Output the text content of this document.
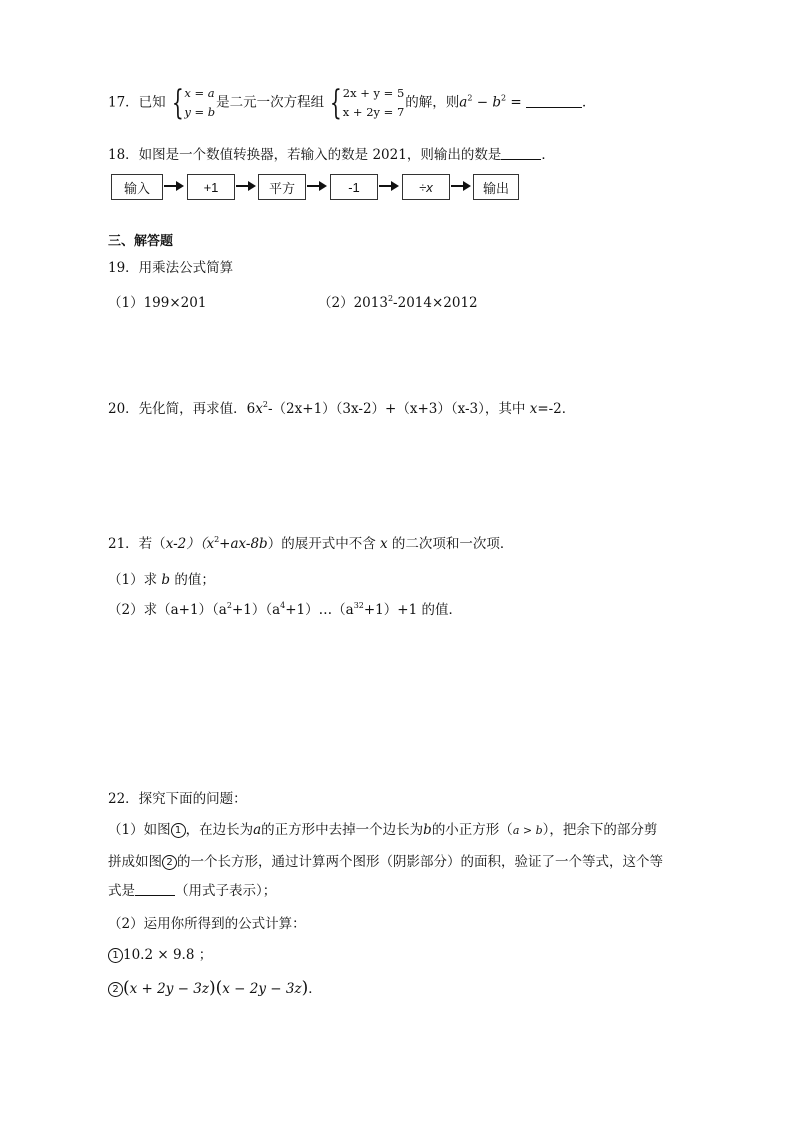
17．已知 { x = a
y = b
是二元一次方程组 { 2x + y = 5
x + 2y = 7
的解，则$a^2 - b^2$ =	．
18．如图是一个数值转换器，若输入的数是 2021，则输出的数是	．
输入	+1	平方	-1	÷x	输出
三、解答题
19．用乘法公式简算
（1）199×201	$(2)2013^2-2014\times 2012$
20．先化简，再求值．$6x^2-(2x+1)(3x-2)+(x+3)(x-3)$，其中 x=-2．
21．若$(x-2)(x^2+ax-8b)$的展开式中不含 x 的二次项和一次项．
（1）求 b 的值；
（2）求$(a+1)(a^2+1)(a^4+1)\dots(a^{32}+1)+1$ 的值．
22．探究下面的问题：
（1）如图 1 ，在边长为a的正方形中去掉一个边长为b的小正方形（a > b），把余下的部分剪
拼成如图 2 的一个长方形，通过计算两个图形（阴影部分）的面积，验证了一个等式，这个等
式是	（用式子表示）；
（2）运用你所得到的公式计算：
1 10.2 × 9.8 ；
2 (x + 2y − 3z)(x − 2y − 3z)．
